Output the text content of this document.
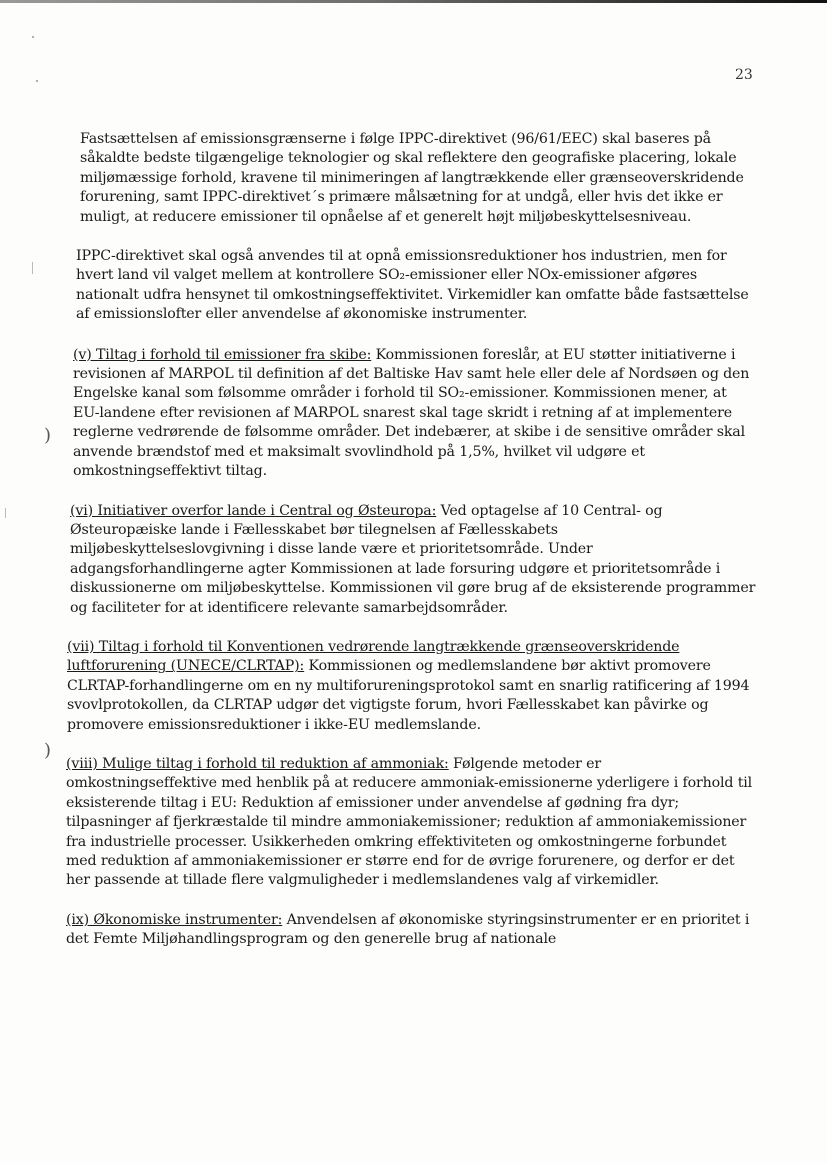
23
)
)

Fastsættelsen af emissionsgrænserne i følge IPPC-direktivet (96/61/EEC) skal baseres på såkaldte bedste tilgængelige teknologier og skal reflektere den geografiske placering, lokale miljømæssige forhold, kravene til minimeringen af langtrækkende eller grænseoverskridende forurening, samt IPPC-direktivet´s primære målsætning for at undgå, eller hvis det ikke er muligt, at reducere emissioner til opnåelse af et generelt højt miljøbeskyttelsesniveau.

IPPC-direktivet skal også anvendes til at opnå emissionsreduktioner hos industrien, men for hvert land vil valget mellem at kontrollere SO₂-emissioner eller NOx-emissioner afgøres nationalt udfra hensynet til omkostningseffektivitet. Virkemidler kan omfatte både fastsættelse af emissionslofter eller anvendelse af økonomiske instrumenter.

(v) Tiltag i forhold til emissioner fra skibe: Kommissionen foreslår, at EU støtter initiativerne i revisionen af MARPOL til definition af det Baltiske Hav samt hele eller dele af Nordsøen og den Engelske kanal som følsomme områder i forhold til SO₂-emissioner. Kommissionen mener, at EU-landene efter revisionen af MARPOL snarest skal tage skridt i retning af at implementere reglerne vedrørende de følsomme områder. Det indebærer, at skibe i de sensitive områder skal anvende brændstof med et maksimalt svovlindhold på 1,5%, hvilket vil udgøre et omkostningseffektivt tiltag.

(vi) Initiativer overfor lande i Central og Østeuropa: Ved optagelse af 10 Central- og Østeuropæiske lande i Fællesskabet bør tilegnelsen af Fællesskabets miljøbeskyttelseslovgivning i disse lande være et prioritetsområde. Under adgangsforhandlingerne agter Kommissionen at lade forsuring udgøre et prioritetsområde i diskussionerne om miljøbeskyttelse. Kommissionen vil gøre brug af de eksisterende programmer og faciliteter for at identificere relevante samarbejdsområder.

(vii) Tiltag i forhold til Konventionen vedrørende langtrækkende grænseoverskridende luftforurening (UNECE/CLRTAP): Kommissionen og medlemslandene bør aktivt promovere CLRTAP-forhandlingerne om en ny multiforureningsprotokol samt en snarlig ratificering af 1994 svovlprotokollen, da CLRTAP udgør det vigtigste forum, hvori Fællesskabet kan påvirke og promovere emissionsreduktioner i ikke-EU medlemslande.

(viii) Mulige tiltag i forhold til reduktion af ammoniak: Følgende metoder er omkostningseffektive med henblik på at reducere ammoniak-emissionerne yderligere i forhold til eksisterende tiltag i EU: Reduktion af emissioner under anvendelse af gødning fra dyr; tilpasninger af fjerkræstalde til mindre ammoniakemissioner; reduktion af ammoniakemissioner fra industrielle processer. Usikkerheden omkring effektiviteten og omkostningerne forbundet med reduktion af ammoniakemissioner er større end for de øvrige forurenere, og derfor er det her passende at tillade flere valgmuligheder i medlemslandenes valg af virkemidler.

(ix) Økonomiske instrumenter: Anvendelsen af økonomiske styringsinstrumenter er en prioritet i det Femte Miljøhandlingsprogram og den generelle brug af nationale
